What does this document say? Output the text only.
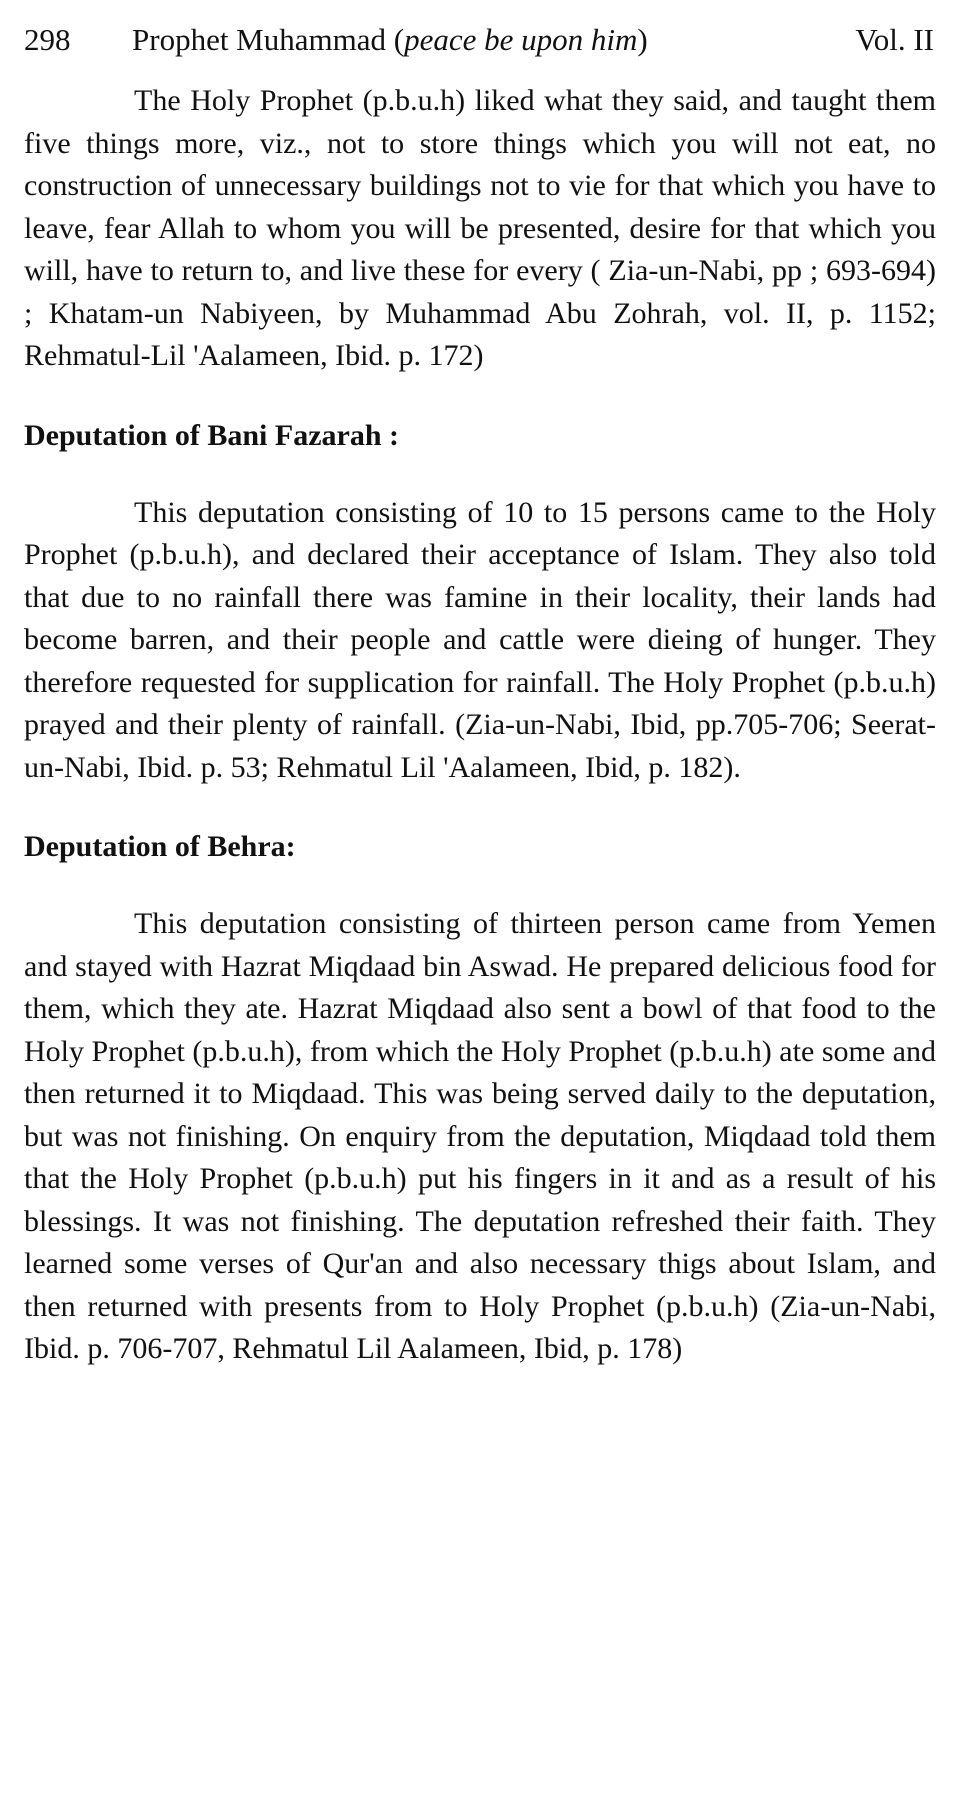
298	Prophet Muhammad (peace be upon him)	Vol. II

The Holy Prophet (p.b.u.h) liked what they said, and taught them five things more, viz., not to store things which you will not eat, no construction of unnecessary buildings not to vie for that which you have to leave, fear Allah to whom you will be presented, desire for that which you will, have to return to, and live these for every ( Zia-un-Nabi, pp ; 693-694) ; Khatam-un Nabiyeen, by Muhammad Abu Zohrah, vol. II, p. 1152; Rehmatul-Lil 'Aalameen, Ibid. p. 172)

Deputation of Bani Fazarah :

This deputation consisting of 10 to 15 persons came to the Holy Prophet (p.b.u.h), and declared their acceptance of Islam. They also told that due to no rainfall there was famine in their locality, their lands had become barren, and their people and cattle were dieing of hunger. They therefore requested for supplication for rainfall. The Holy Prophet (p.b.u.h) prayed and their plenty of rainfall. (Zia-un-Nabi, Ibid, pp.705-706; Seerat-un-Nabi, Ibid. p. 53; Rehmatul Lil 'Aalameen, Ibid, p. 182).

Deputation of Behra:

This deputation consisting of thirteen person came from Yemen and stayed with Hazrat Miqdaad bin Aswad. He prepared delicious food for them, which they ate. Hazrat Miqdaad also sent a bowl of that food to the Holy Prophet (p.b.u.h), from which the Holy Prophet (p.b.u.h) ate some and then returned it to Miqdaad. This was being served daily to the deputation, but was not finishing. On enquiry from the deputation, Miqdaad told them that the Holy Prophet (p.b.u.h) put his fingers in it and as a result of his blessings. It was not finishing. The deputation refreshed their faith. They learned some verses of Qur'an and also necessary thigs about Islam, and then returned with presents from to Holy Prophet (p.b.u.h) (Zia-un-Nabi, Ibid. p. 706-707, Rehmatul Lil Aalameen, Ibid, p. 178)
